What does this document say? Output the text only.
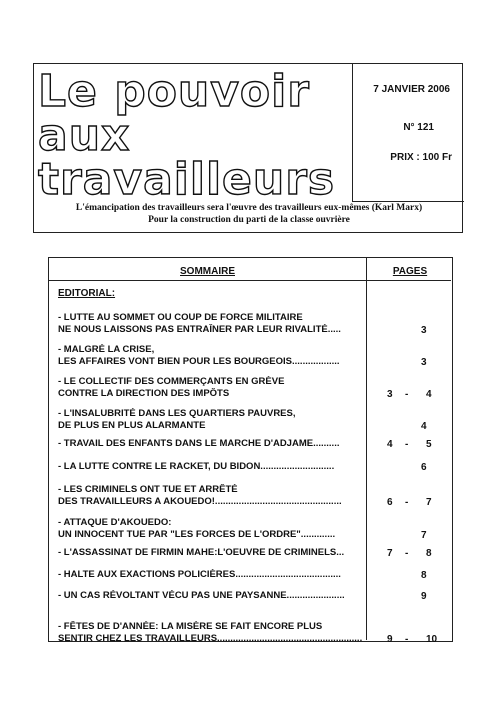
Le pouvoir
aux
travailleurs
L'émancipation des travailleurs sera l'œuvre des travailleurs eux-mêmes (Karl Marx)
Pour la construction du parti de la classe ouvrière
7 JANVIER 2006
N° 121
PRIX : 100 Fr
SOMMAIRE	PAGES
EDITORIAL:
- LUTTE AU SOMMET OU COUP DE FORCE MILITAIRE
NE NOUS LAISSONS PAS ENTRAÎNER PAR LEUR RIVALITÉ.....	3
- MALGRÉ LA CRISE,
LES AFFAIRES VONT BIEN POUR LES BOURGEOIS..................	3
- LE COLLECTIF DES COMMERÇANTS EN GRÈVE
CONTRE LA DIRECTION DES IMPÔTS	3 - 4
- L'INSALUBRITÉ DANS LES QUARTIERS PAUVRES,
DE PLUS EN PLUS ALARMANTE	4
- TRAVAIL DES ENFANTS DANS LE MARCHE D'ADJAME..........	4 - 5
- LA LUTTE CONTRE LE RACKET, DU BIDON............................	6
- LES CRIMINELS ONT TUE ET ARRÊTÉ
DES TRAVAILLEURS A AKOUEDO!................................................	6 - 7
- ATTAQUE D'AKOUEDO:
UN INNOCENT TUE PAR "LES FORCES DE L'ORDRE".............	7
- L'ASSASSINAT DE FIRMIN MAHE:L'OEUVRE DE CRIMINELS...	7 - 8
- HALTE AUX EXACTIONS POLICIÈRES........................................	8
- UN CAS RÉVOLTANT VÉCU PAS UNE PAYSANNE......................	9
- FÊTES DE D'ANNÉE: LA MISÈRE SE FAIT ENCORE PLUS
SENTIR CHEZ LES TRAVAILLEURS....................................................... 9 - 10
